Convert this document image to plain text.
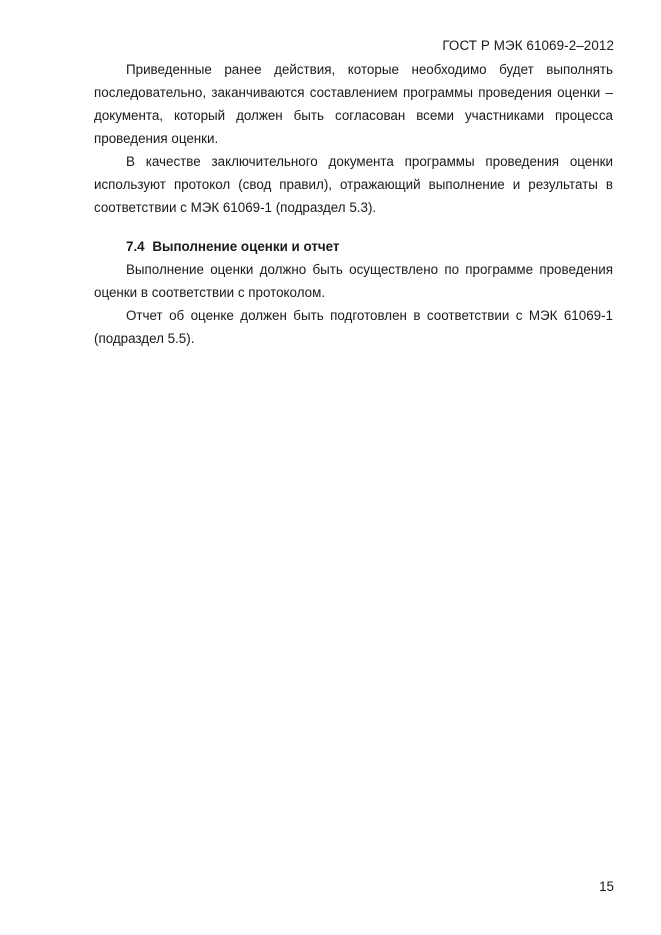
ГОСТ Р МЭК 61069-2–2012

Приведенные ранее действия, которые необходимо будет выполнять последовательно, заканчиваются составлением программы проведения оценки – документа, который должен быть согласован всеми участниками процесса проведения оценки.

В качестве заключительного документа программы проведения оценки используют протокол (свод правил), отражающий выполнение и результаты в соответствии с МЭК 61069-1 (подраздел 5.3).

7.4 Выполнение оценки и отчет

Выполнение оценки должно быть осуществлено по программе проведения оценки в соответствии с протоколом.

Отчет об оценке должен быть подготовлен в соответствии с МЭК 61069-1 (подраздел 5.5).

15
